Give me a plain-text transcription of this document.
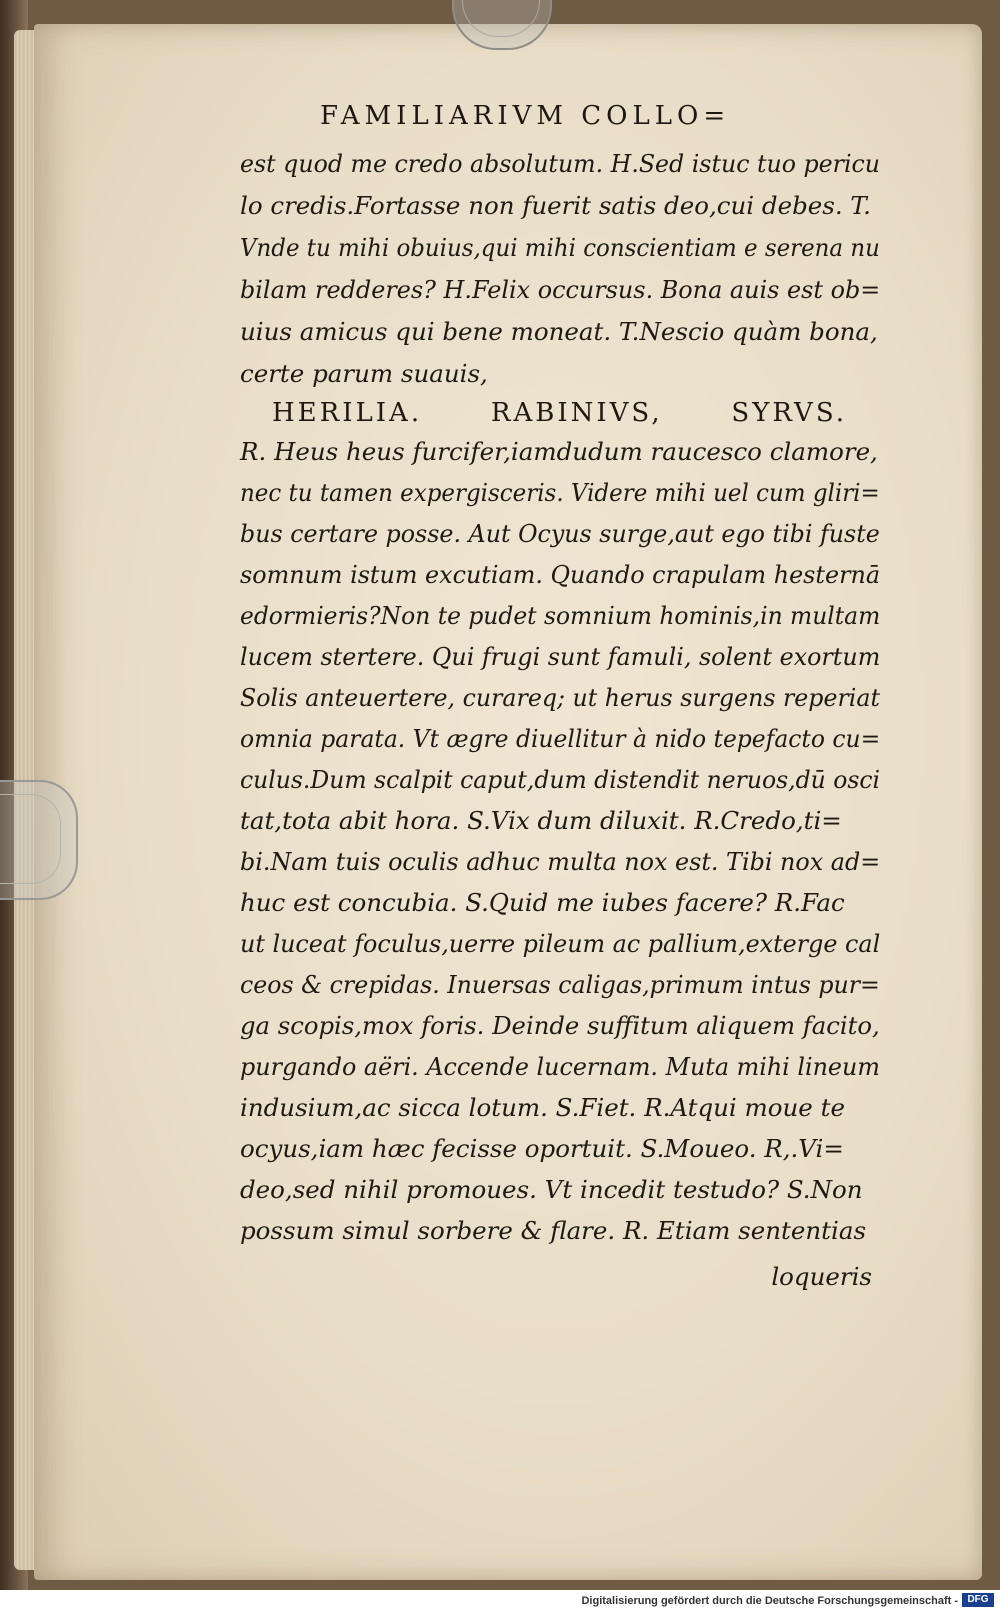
FAMILIARIVM COLLO=
est quod me credo absolutum. H.Sed istuc tuo pericu
lo credis.Fortasse non fuerit satis deo,cui debes. T.
Vnde tu mihi obuius,qui mihi conscientiam e serena nu
bilam redderes? H.Felix occursus. Bona auis est ob=
uius amicus qui bene moneat. T.Nescio quàm bona,
certe parum suauis,
HERILIA.	RABINIVS,	SYRVS.
R. Heus heus furcifer,iamdudum raucesco clamore,
nec tu tamen expergisceris. Videre mihi uel cum gliri=
bus certare posse. Aut Ocyus surge,aut ego tibi fuste
somnum istum excutiam. Quando crapulam hesternā
edormieris?Non te pudet somnium hominis,in multam
lucem stertere. Qui frugi sunt famuli, solent exortum
Solis anteuertere, curareq; ut herus surgens reperiat
omnia parata. Vt ægre diuellitur à nido tepefacto cu=
culus.Dum scalpit caput,dum distendit neruos,dū osci
tat,tota abit hora. S.Vix dum diluxit. R.Credo,ti=
bi.Nam tuis oculis adhuc multa nox est. Tibi nox ad=
huc est concubia. S.Quid me iubes facere? R.Fac
ut luceat foculus,uerre pileum ac pallium,exterge cal
ceos & crepidas. Inuersas caligas,primum intus pur=
ga scopis,mox foris. Deinde suffitum aliquem facito,
purgando aëri. Accende lucernam. Muta mihi lineum
indusium,ac sicca lotum. S.Fiet. R.Atqui moue te
ocyus,iam hæc fecisse oportuit. S.Moueo. R,.Vi=
deo,sed nihil promoues. Vt incedit testudo? S.Non
possum simul sorbere & flare. R. Etiam sententias
loqueris
Digitalisierung gefördert durch die Deutsche Forschungsgemeinschaft - DFG
